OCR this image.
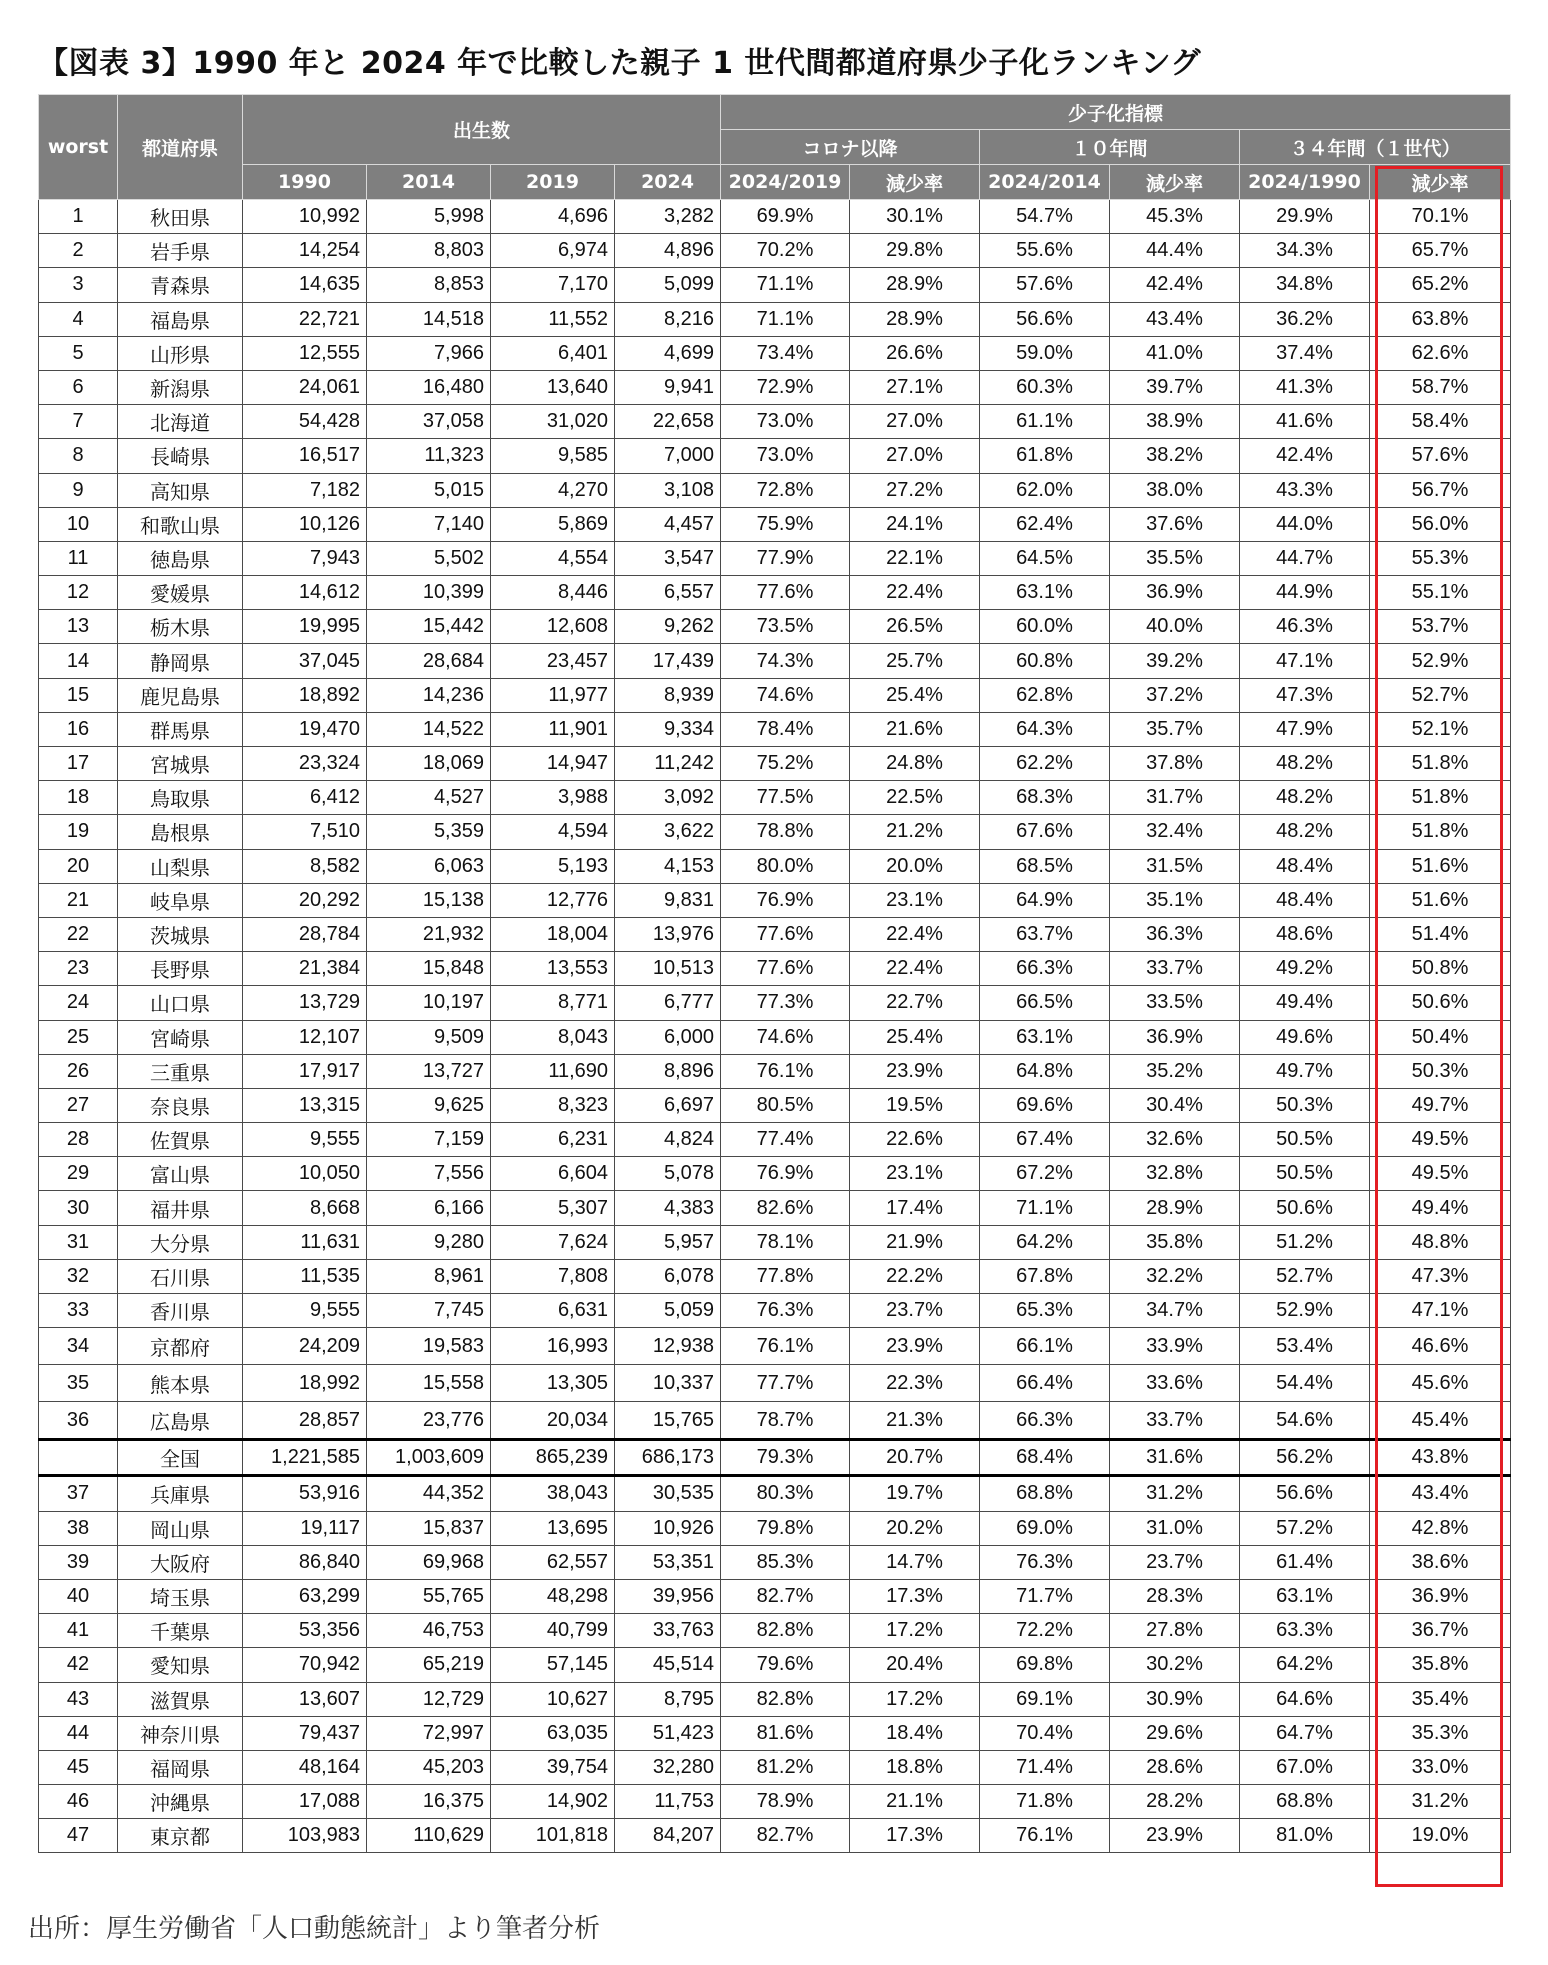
【図表 3】1990 年と 2024 年で比較した親子 1 世代間都道府県少子化ランキング
worst	都道府県	出生数				少子化指標					
						コロナ以降		１０年間		３４年間（１世代）	
		1990	2014	2019	2024	2024/2019	減少率	2024/2014	減少率	2024/1990	減少率
1	秋田県	10,992	5,998	4,696	3,282	69.9%	30.1%	54.7%	45.3%	29.9%	70.1%
2	岩手県	14,254	8,803	6,974	4,896	70.2%	29.8%	55.6%	44.4%	34.3%	65.7%
3	青森県	14,635	8,853	7,170	5,099	71.1%	28.9%	57.6%	42.4%	34.8%	65.2%
4	福島県	22,721	14,518	11,552	8,216	71.1%	28.9%	56.6%	43.4%	36.2%	63.8%
5	山形県	12,555	7,966	6,401	4,699	73.4%	26.6%	59.0%	41.0%	37.4%	62.6%
6	新潟県	24,061	16,480	13,640	9,941	72.9%	27.1%	60.3%	39.7%	41.3%	58.7%
7	北海道	54,428	37,058	31,020	22,658	73.0%	27.0%	61.1%	38.9%	41.6%	58.4%
8	長崎県	16,517	11,323	9,585	7,000	73.0%	27.0%	61.8%	38.2%	42.4%	57.6%
9	高知県	7,182	5,015	4,270	3,108	72.8%	27.2%	62.0%	38.0%	43.3%	56.7%
10	和歌山県	10,126	7,140	5,869	4,457	75.9%	24.1%	62.4%	37.6%	44.0%	56.0%
11	徳島県	7,943	5,502	4,554	3,547	77.9%	22.1%	64.5%	35.5%	44.7%	55.3%
12	愛媛県	14,612	10,399	8,446	6,557	77.6%	22.4%	63.1%	36.9%	44.9%	55.1%
13	栃木県	19,995	15,442	12,608	9,262	73.5%	26.5%	60.0%	40.0%	46.3%	53.7%
14	静岡県	37,045	28,684	23,457	17,439	74.3%	25.7%	60.8%	39.2%	47.1%	52.9%
15	鹿児島県	18,892	14,236	11,977	8,939	74.6%	25.4%	62.8%	37.2%	47.3%	52.7%
16	群馬県	19,470	14,522	11,901	9,334	78.4%	21.6%	64.3%	35.7%	47.9%	52.1%
17	宮城県	23,324	18,069	14,947	11,242	75.2%	24.8%	62.2%	37.8%	48.2%	51.8%
18	鳥取県	6,412	4,527	3,988	3,092	77.5%	22.5%	68.3%	31.7%	48.2%	51.8%
19	島根県	7,510	5,359	4,594	3,622	78.8%	21.2%	67.6%	32.4%	48.2%	51.8%
20	山梨県	8,582	6,063	5,193	4,153	80.0%	20.0%	68.5%	31.5%	48.4%	51.6%
21	岐阜県	20,292	15,138	12,776	9,831	76.9%	23.1%	64.9%	35.1%	48.4%	51.6%
22	茨城県	28,784	21,932	18,004	13,976	77.6%	22.4%	63.7%	36.3%	48.6%	51.4%
23	長野県	21,384	15,848	13,553	10,513	77.6%	22.4%	66.3%	33.7%	49.2%	50.8%
24	山口県	13,729	10,197	8,771	6,777	77.3%	22.7%	66.5%	33.5%	49.4%	50.6%
25	宮崎県	12,107	9,509	8,043	6,000	74.6%	25.4%	63.1%	36.9%	49.6%	50.4%
26	三重県	17,917	13,727	11,690	8,896	76.1%	23.9%	64.8%	35.2%	49.7%	50.3%
27	奈良県	13,315	9,625	8,323	6,697	80.5%	19.5%	69.6%	30.4%	50.3%	49.7%
28	佐賀県	9,555	7,159	6,231	4,824	77.4%	22.6%	67.4%	32.6%	50.5%	49.5%
29	富山県	10,050	7,556	6,604	5,078	76.9%	23.1%	67.2%	32.8%	50.5%	49.5%
30	福井県	8,668	6,166	5,307	4,383	82.6%	17.4%	71.1%	28.9%	50.6%	49.4%
31	大分県	11,631	9,280	7,624	5,957	78.1%	21.9%	64.2%	35.8%	51.2%	48.8%
32	石川県	11,535	8,961	7,808	6,078	77.8%	22.2%	67.8%	32.2%	52.7%	47.3%
33	香川県	9,555	7,745	6,631	5,059	76.3%	23.7%	65.3%	34.7%	52.9%	47.1%
34	京都府	24,209	19,583	16,993	12,938	76.1%	23.9%	66.1%	33.9%	53.4%	46.6%
35	熊本県	18,992	15,558	13,305	10,337	77.7%	22.3%	66.4%	33.6%	54.4%	45.6%
36	広島県	28,857	23,776	20,034	15,765	78.7%	21.3%	66.3%	33.7%	54.6%	45.4%
	全国	1,221,585	1,003,609	865,239	686,173	79.3%	20.7%	68.4%	31.6%	56.2%	43.8%
37	兵庫県	53,916	44,352	38,043	30,535	80.3%	19.7%	68.8%	31.2%	56.6%	43.4%
38	岡山県	19,117	15,837	13,695	10,926	79.8%	20.2%	69.0%	31.0%	57.2%	42.8%
39	大阪府	86,840	69,968	62,557	53,351	85.3%	14.7%	76.3%	23.7%	61.4%	38.6%
40	埼玉県	63,299	55,765	48,298	39,956	82.7%	17.3%	71.7%	28.3%	63.1%	36.9%
41	千葉県	53,356	46,753	40,799	33,763	82.8%	17.2%	72.2%	27.8%	63.3%	36.7%
42	愛知県	70,942	65,219	57,145	45,514	79.6%	20.4%	69.8%	30.2%	64.2%	35.8%
43	滋賀県	13,607	12,729	10,627	8,795	82.8%	17.2%	69.1%	30.9%	64.6%	35.4%
44	神奈川県	79,437	72,997	63,035	51,423	81.6%	18.4%	70.4%	29.6%	64.7%	35.3%
45	福岡県	48,164	45,203	39,754	32,280	81.2%	18.8%	71.4%	28.6%	67.0%	33.0%
46	沖縄県	17,088	16,375	14,902	11,753	78.9%	21.1%	71.8%	28.2%	68.8%	31.2%
47	東京都	103,983	110,629	101,818	84,207	82.7%	17.3%	76.1%	23.9%	81.0%	19.0%
出所：厚生労働省「人口動態統計」より筆者分析
